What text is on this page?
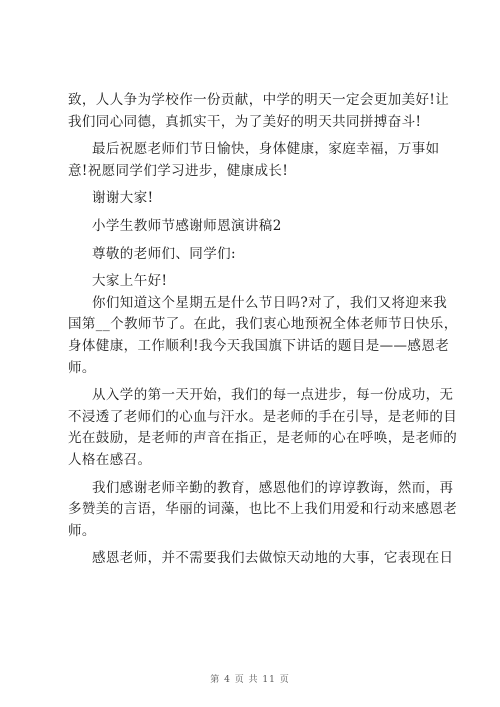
致，人人争为学校作一份贡献，中学的明天一定会更加美好!让
我们同心同德，真抓实干，为了美好的明天共同拼搏奋斗!
最后祝愿老师们节日愉快，身体健康，家庭幸福，万事如
意!祝愿同学们学习进步，健康成长!
谢谢大家!
小学生教师节感谢师恩演讲稿2
尊敬的老师们、同学们:
大家上午好!
你们知道这个星期五是什么节日吗?对了，我们又将迎来我
国第__个教师节了。在此，我们衷心地预祝全体老师节日快乐，
身体健康，工作顺利!我今天我国旗下讲话的题目是——感恩老
师。
从入学的第一天开始，我们的每一点进步，每一份成功，无
不浸透了老师们的心血与汗水。是老师的手在引导，是老师的目
光在鼓励，是老师的声音在指正，是老师的心在呼唤，是老师的
人格在感召。
我们感谢老师辛勤的教育，感恩他们的谆谆教诲，然而，再
多赞美的言语，华丽的词藻，也比不上我们用爱和行动来感恩老
师。
感恩老师，并不需要我们去做惊天动地的大事，它表现在日
第 4 页 共 11 页
